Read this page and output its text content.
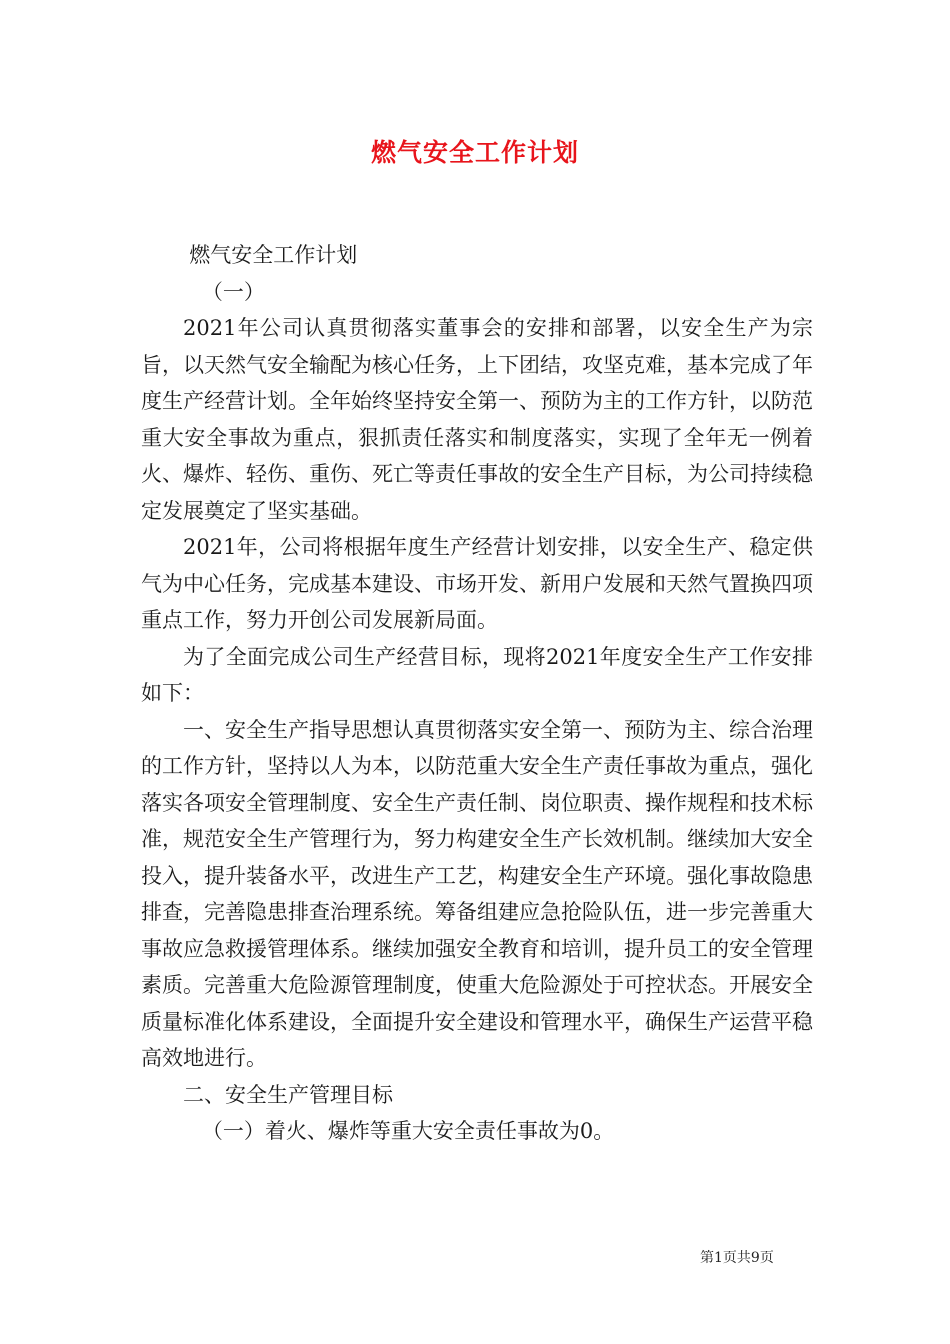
燃气安全工作计划

燃气安全工作计划

（一）

2021年公司认真贯彻落实董事会的安排和部署，以安全生产为宗旨，以天然气安全输配为核心任务，上下团结，攻坚克难，基本完成了年度生产经营计划。全年始终坚持安全第一、预防为主的工作方针，以防范重大安全事故为重点，狠抓责任落实和制度落实，实现了全年无一例着火、爆炸、轻伤、重伤、死亡等责任事故的安全生产目标，为公司持续稳定发展奠定了坚实基础。

2021年，公司将根据年度生产经营计划安排，以安全生产、稳定供气为中心任务，完成基本建设、市场开发、新用户发展和天然气置换四项重点工作，努力开创公司发展新局面。

为了全面完成公司生产经营目标，现将2021年度安全生产工作安排如下：

一、安全生产指导思想认真贯彻落实安全第一、预防为主、综合治理的工作方针，坚持以人为本，以防范重大安全生产责任事故为重点，强化落实各项安全管理制度、安全生产责任制、岗位职责、操作规程和技术标准，规范安全生产管理行为，努力构建安全生产长效机制。继续加大安全投入，提升装备水平，改进生产工艺，构建安全生产环境。强化事故隐患排查，完善隐患排查治理系统。筹备组建应急抢险队伍，进一步完善重大事故应急救援管理体系。继续加强安全教育和培训，提升员工的安全管理素质。完善重大危险源管理制度，使重大危险源处于可控状态。开展安全质量标准化体系建设，全面提升安全建设和管理水平，确保生产运营平稳高效地进行。

二、安全生产管理目标

（一）着火、爆炸等重大安全责任事故为0。

第1页共9页
